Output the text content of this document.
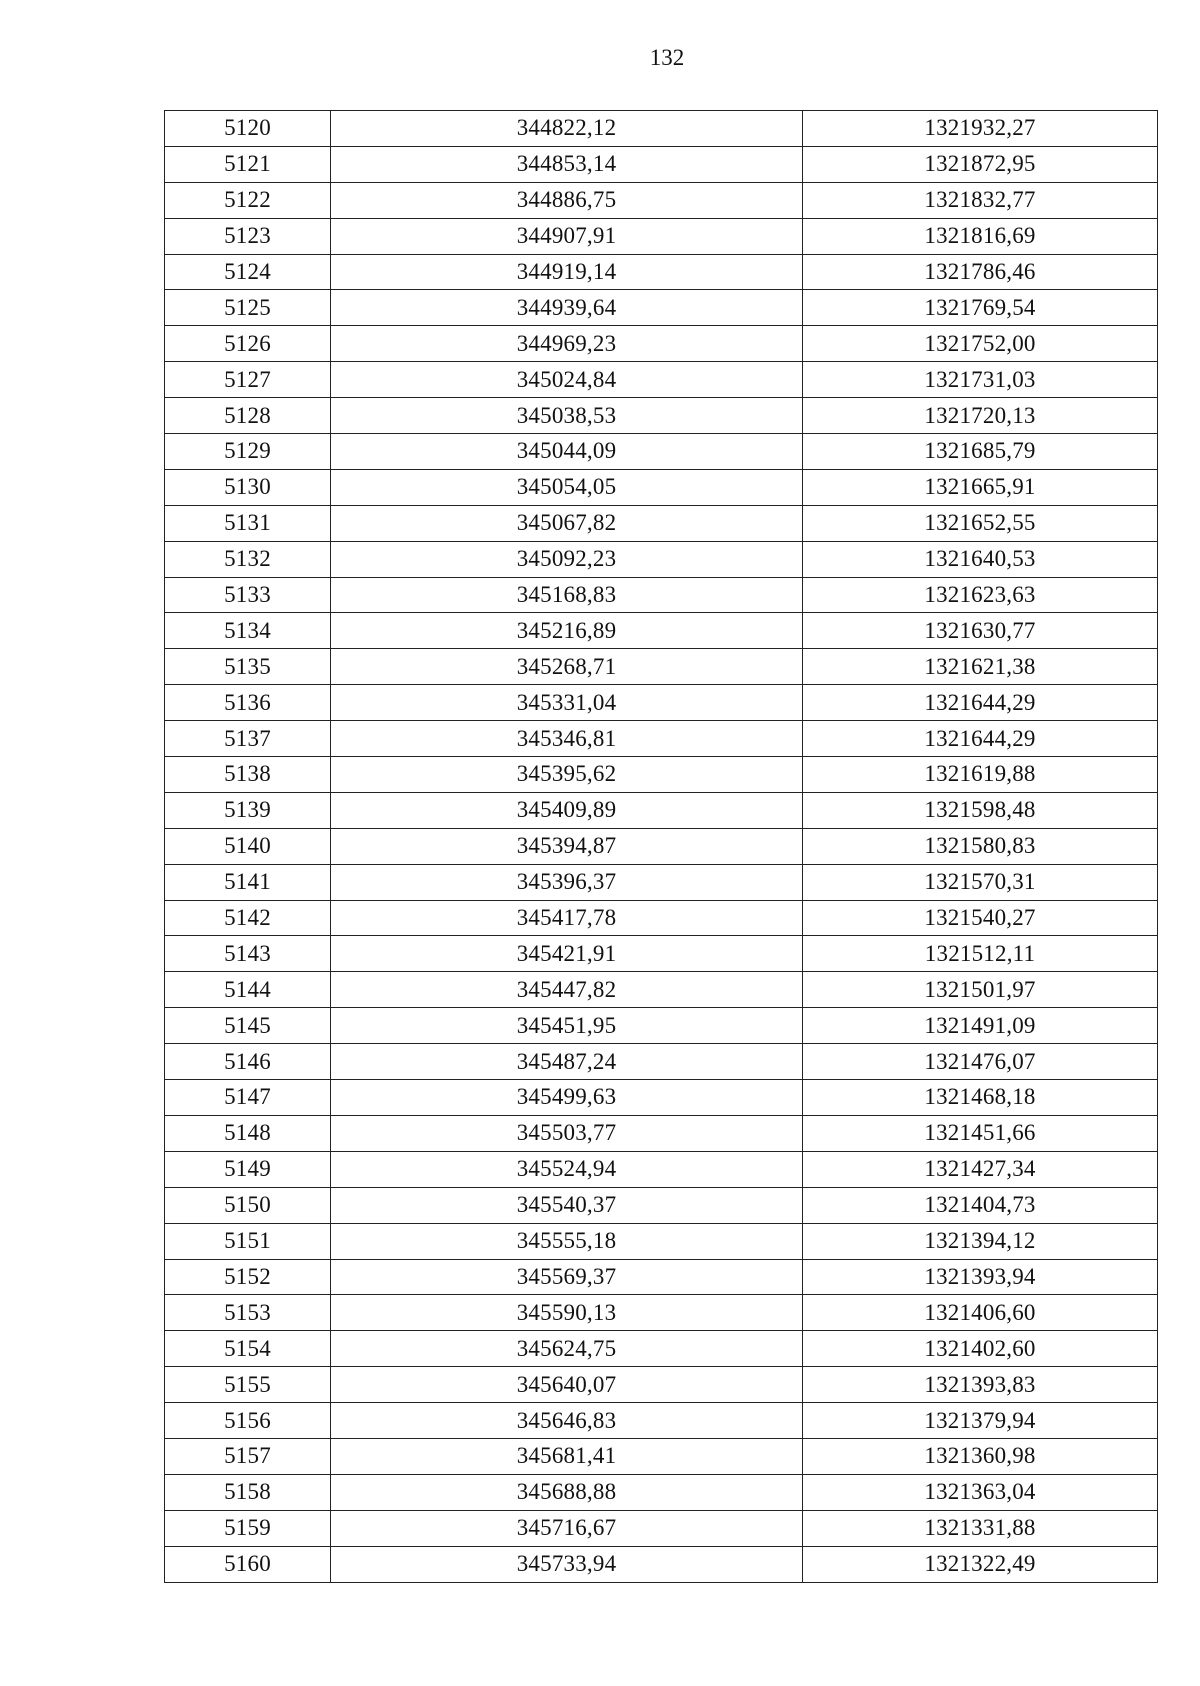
132
5120	344822,12	1321932,27
5121	344853,14	1321872,95
5122	344886,75	1321832,77
5123	344907,91	1321816,69
5124	344919,14	1321786,46
5125	344939,64	1321769,54
5126	344969,23	1321752,00
5127	345024,84	1321731,03
5128	345038,53	1321720,13
5129	345044,09	1321685,79
5130	345054,05	1321665,91
5131	345067,82	1321652,55
5132	345092,23	1321640,53
5133	345168,83	1321623,63
5134	345216,89	1321630,77
5135	345268,71	1321621,38
5136	345331,04	1321644,29
5137	345346,81	1321644,29
5138	345395,62	1321619,88
5139	345409,89	1321598,48
5140	345394,87	1321580,83
5141	345396,37	1321570,31
5142	345417,78	1321540,27
5143	345421,91	1321512,11
5144	345447,82	1321501,97
5145	345451,95	1321491,09
5146	345487,24	1321476,07
5147	345499,63	1321468,18
5148	345503,77	1321451,66
5149	345524,94	1321427,34
5150	345540,37	1321404,73
5151	345555,18	1321394,12
5152	345569,37	1321393,94
5153	345590,13	1321406,60
5154	345624,75	1321402,60
5155	345640,07	1321393,83
5156	345646,83	1321379,94
5157	345681,41	1321360,98
5158	345688,88	1321363,04
5159	345716,67	1321331,88
5160	345733,94	1321322,49
